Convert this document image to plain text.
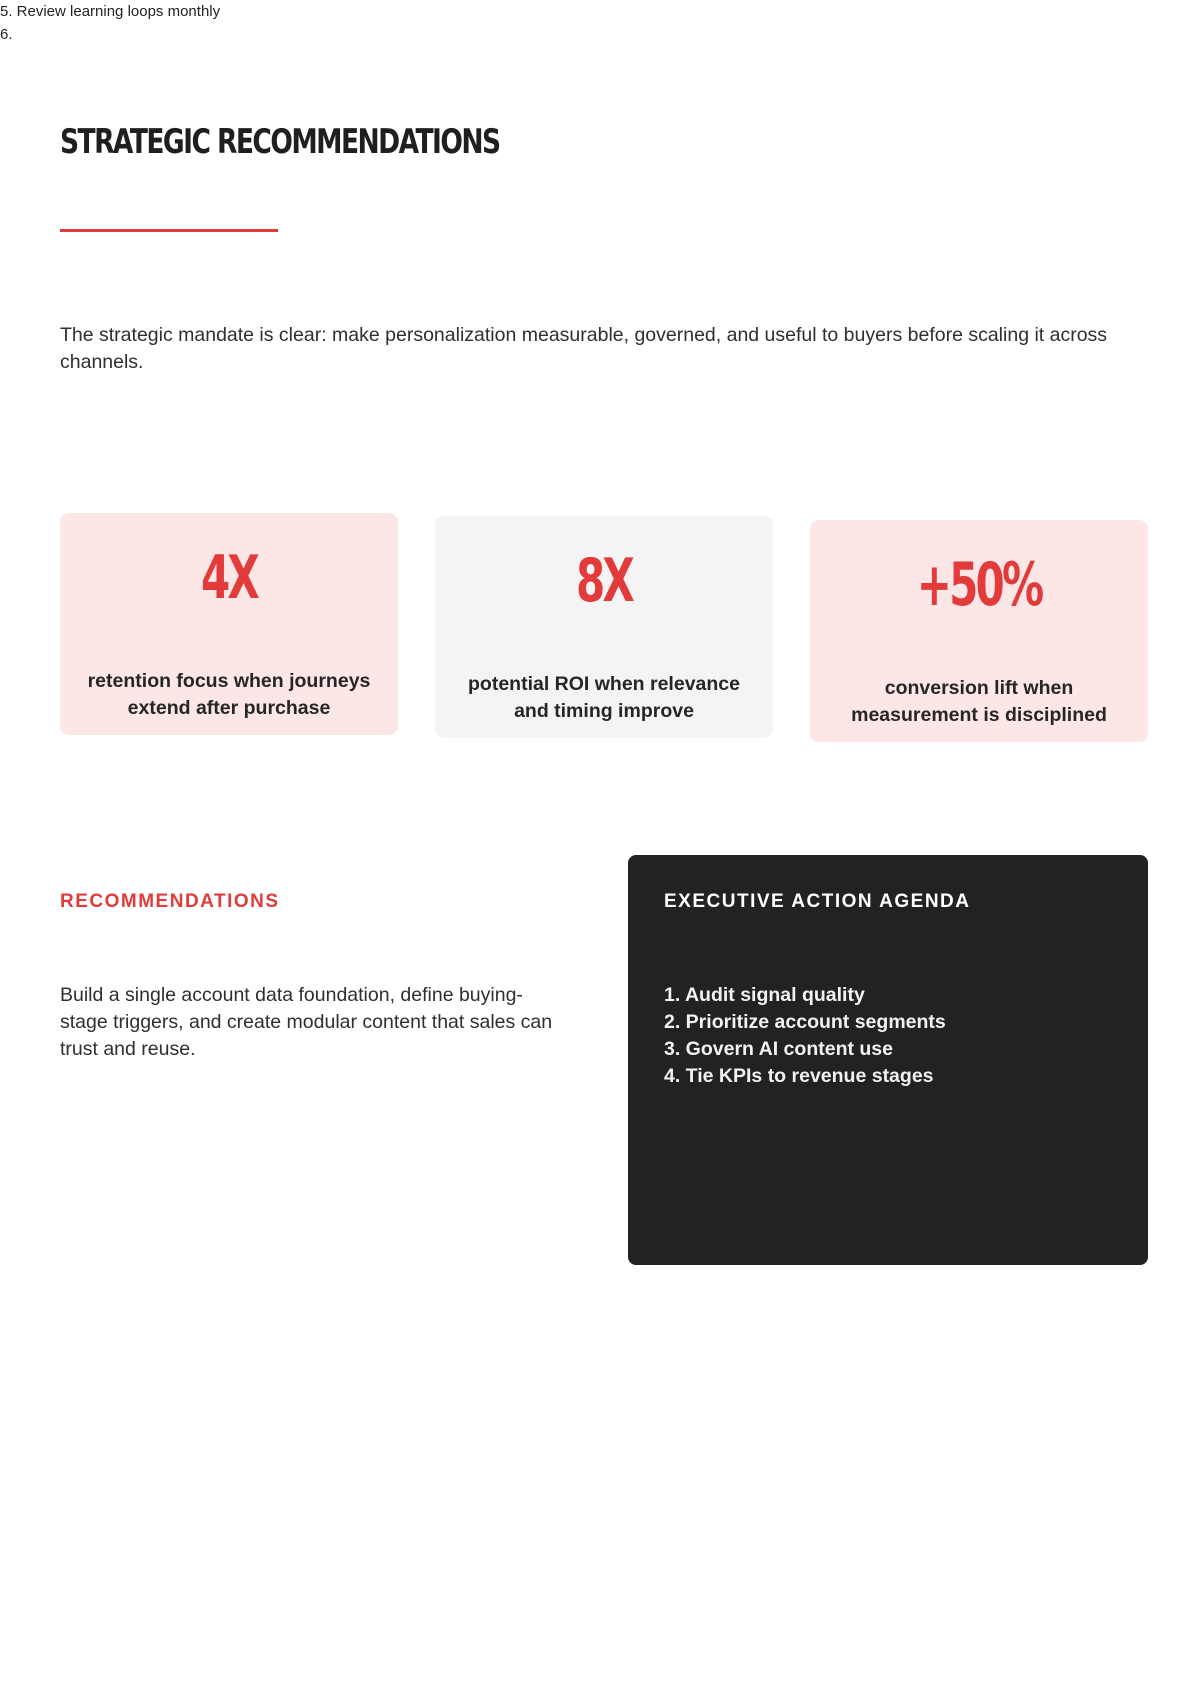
5. Review learning loops monthly
6.
STRATEGIC RECOMMENDATIONS

The strategic mandate is clear: make personalization measurable, governed, and useful to buyers before scaling it across channels.

4X
retention focus when journeys extend after purchase
8X
potential ROI when relevance and timing improve
+50%
conversion lift when measurement is disciplined
RECOMMENDATIONS

Build a single account data foundation, define buying-stage triggers, and create modular content that sales can trust and reuse.

EXECUTIVE ACTION AGENDA
1. Audit signal quality
2. Prioritize account segments
3. Govern AI content use
4. Tie KPIs to revenue stages
